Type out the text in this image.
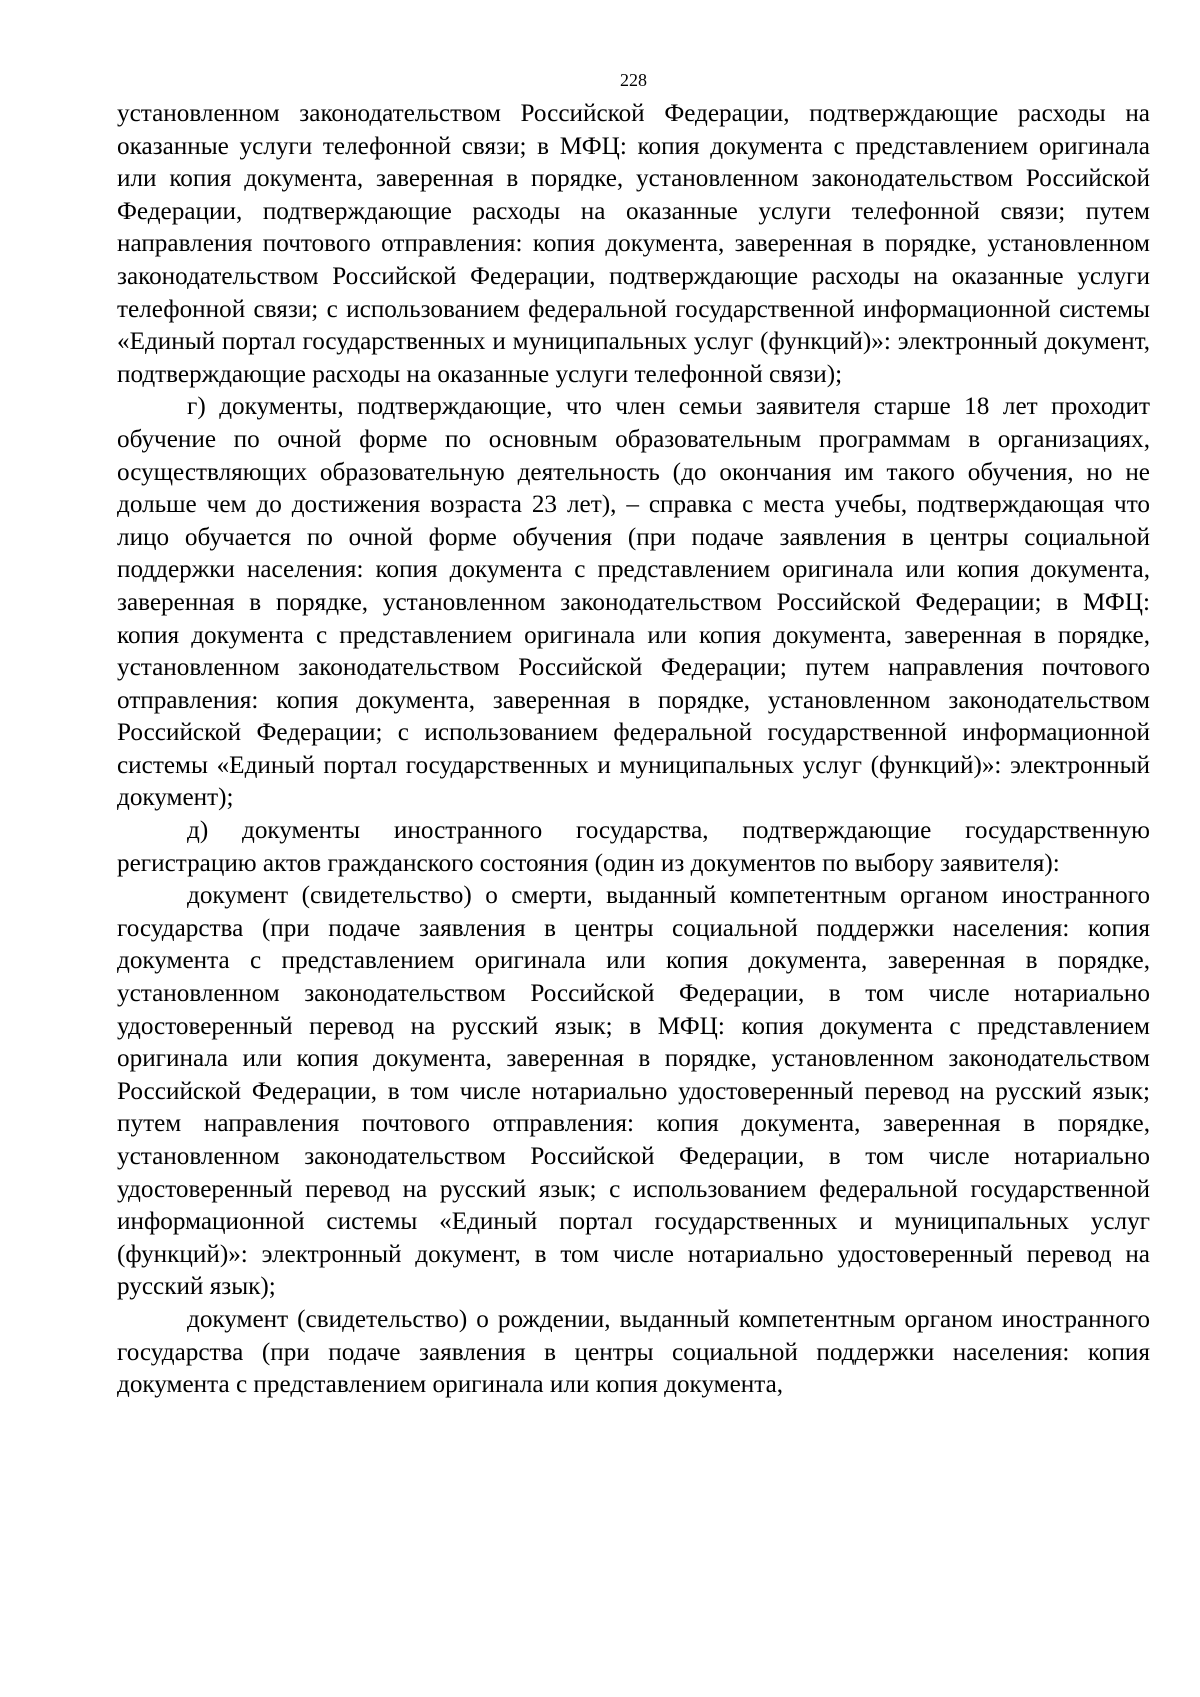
228

установленном законодательством Российской Федерации, подтверждающие расходы на оказанные услуги телефонной связи; в МФЦ: копия документа с представлением оригинала или копия документа, заверенная в порядке, установленном законодательством Российской Федерации, подтверждающие расходы на оказанные услуги телефонной связи; путем направления почтового отправления: копия документа, заверенная в порядке, установленном законодательством Российской Федерации, подтверждающие расходы на оказанные услуги телефонной связи; с использованием федеральной государственной информационной системы «Единый портал государственных и муниципальных услуг (функций)»: электронный документ, подтверждающие расходы на оказанные услуги телефонной связи);

г) документы, подтверждающие, что член семьи заявителя старше 18 лет проходит обучение по очной форме по основным образовательным программам в организациях, осуществляющих образовательную деятельность (до окончания им такого обучения, но не дольше чем до достижения возраста 23 лет), – справка с места учебы, подтверждающая что лицо обучается по очной форме обучения (при подаче заявления в центры социальной поддержки населения: копия документа с представлением оригинала или копия документа, заверенная в порядке, установленном законодательством Российской Федерации; в МФЦ: копия документа с представлением оригинала или копия документа, заверенная в порядке, установленном законодательством Российской Федерации; путем направления почтового отправления: копия документа, заверенная в порядке, установленном законодательством Российской Федерации; с использованием федеральной государственной информационной системы «Единый портал государственных и муниципальных услуг (функций)»: электронный документ);

д) документы иностранного государства, подтверждающие государственную регистрацию актов гражданского состояния (один из документов по выбору заявителя):

документ (свидетельство) о смерти, выданный компетентным органом иностранного государства (при подаче заявления в центры социальной поддержки населения: копия документа с представлением оригинала или копия документа, заверенная в порядке, установленном законодательством Российской Федерации, в том числе нотариально удостоверенный перевод на русский язык; в МФЦ: копия документа с представлением оригинала или копия документа, заверенная в порядке, установленном законодательством Российской Федерации, в том числе нотариально удостоверенный перевод на русский язык; путем направления почтового отправления: копия документа, заверенная в порядке, установленном законодательством Российской Федерации, в том числе нотариально удостоверенный перевод на русский язык; с использованием федеральной государственной информационной системы «Единый портал государственных и муниципальных услуг (функций)»: электронный документ, в том числе нотариально удостоверенный перевод на русский язык);

документ (свидетельство) о рождении, выданный компетентным органом иностранного государства (при подаче заявления в центры социальной поддержки населения: копия документа с представлением оригинала или копия документа,
